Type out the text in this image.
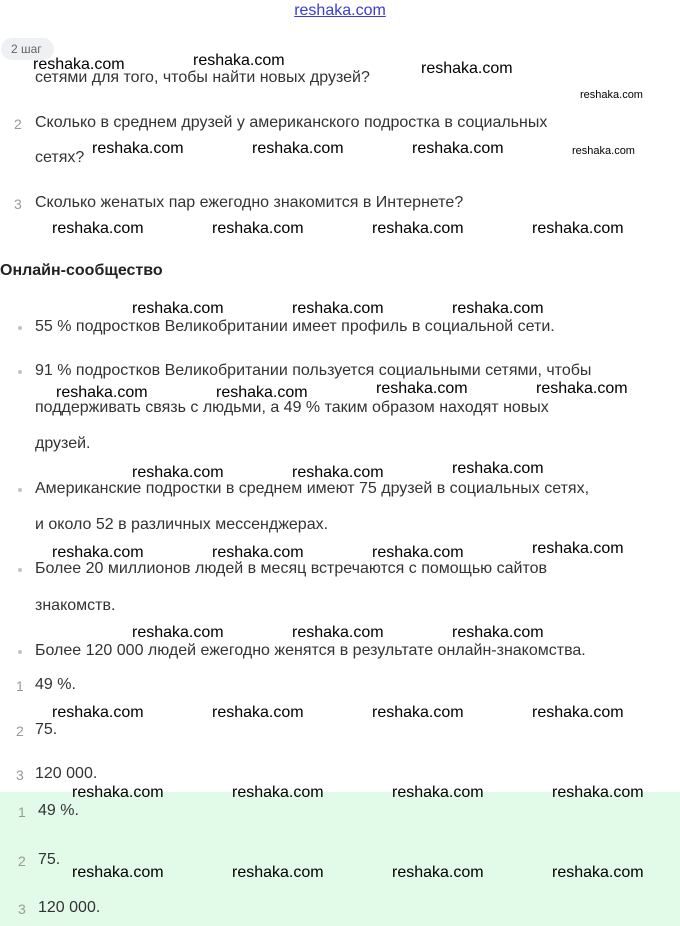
reshaka.com
2 шаг
сетями для того, чтобы найти новых друзей?
2 Сколько в среднем друзей у американского подростка в социальных
сетях?
3 Сколько женатых пар ежегодно знакомится в Интернете?
Онлайн-сообщество
55 % подростков Великобритании имеет профиль в социальной сети.
91 % подростков Великобритании пользуется социальными сетями, чтобы
поддерживать связь с людьми, а 49 % таким образом находят новых
друзей.
Американские подростки в среднем имеют 75 друзей в социальных сетях,
и около 52 в различных мессенджерах.
Более 20 миллионов людей в месяц встречаются с помощью сайтов
знакомств.
Более 120 000 людей ежегодно женятся в результате онлайн-знакомства.
1 49 %.
2 75.
3 120 000.
1 49 %.
2 75.
3 120 000.
reshaka.com	reshaka.com	reshaka.com
reshaka.com
reshaka.com	reshaka.com	reshaka.com	reshaka.com
reshaka.com	reshaka.com	reshaka.com	reshaka.com
reshaka.com	reshaka.com	reshaka.com
reshaka.com	reshaka.com	reshaka.com	reshaka.com
reshaka.com	reshaka.com	reshaka.com
reshaka.com	reshaka.com	reshaka.com	reshaka.com
reshaka.com	reshaka.com	reshaka.com
reshaka.com	reshaka.com	reshaka.com	reshaka.com
reshaka.com	reshaka.com	reshaka.com	reshaka.com
reshaka.com	reshaka.com	reshaka.com	reshaka.com
